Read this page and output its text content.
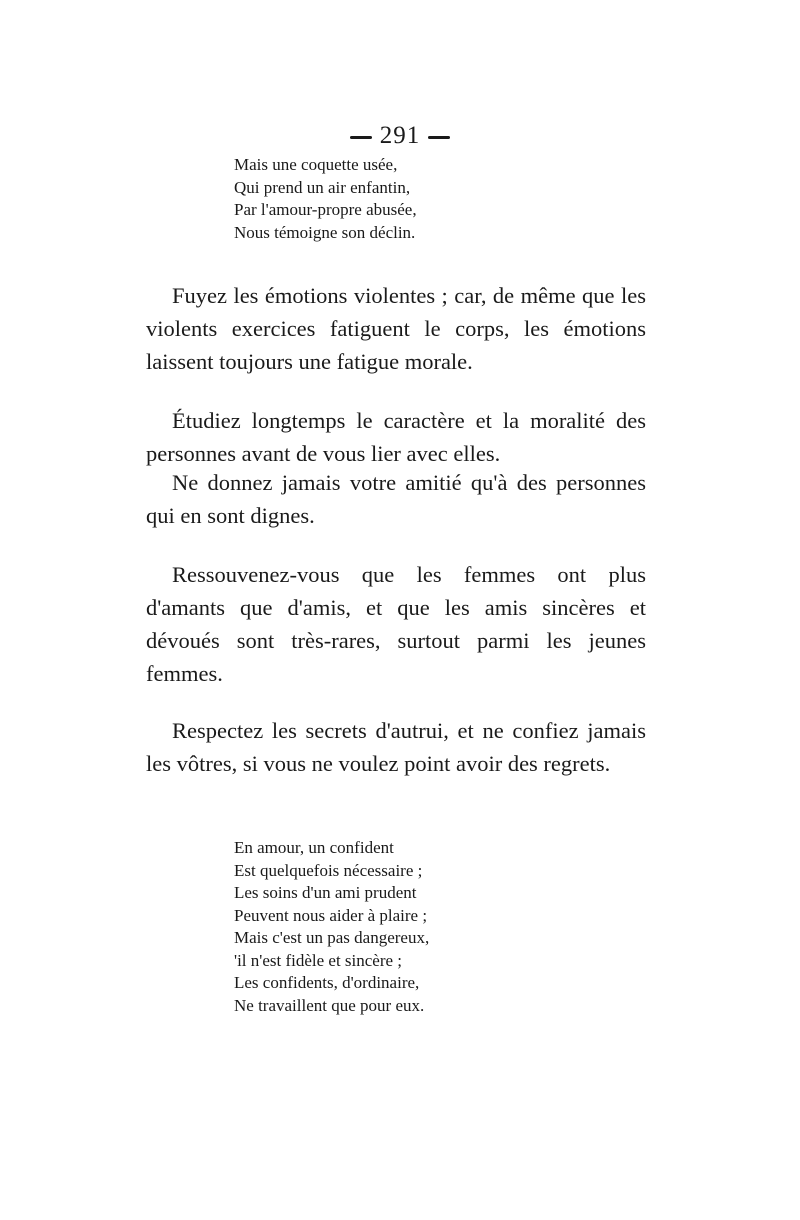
291
Mais une coquette usée,
Qui prend un air enfantin,
Par l'amour-propre abusée,
Nous témoigne son déclin.

Fuyez les émotions violentes ; car, de même que les violents exercices fatiguent le corps, les émotions laissent toujours une fatigue morale.

Étudiez longtemps le caractère et la moralité des personnes avant de vous lier avec elles.

Ne donnez jamais votre amitié qu'à des personnes qui en sont dignes.

Ressouvenez-vous que les femmes ont plus d'amants que d'amis, et que les amis sincères et dévoués sont très-rares, surtout parmi les jeunes femmes.

Respectez les secrets d'autrui, et ne confiez jamais les vôtres, si vous ne voulez point avoir des regrets.

En amour, un confident
Est quelquefois nécessaire ;
Les soins d'un ami prudent
Peuvent nous aider à plaire ;
Mais c'est un pas dangereux,
'il n'est fidèle et sincère ;
Les confidents, d'ordinaire,
Ne travaillent que pour eux.
